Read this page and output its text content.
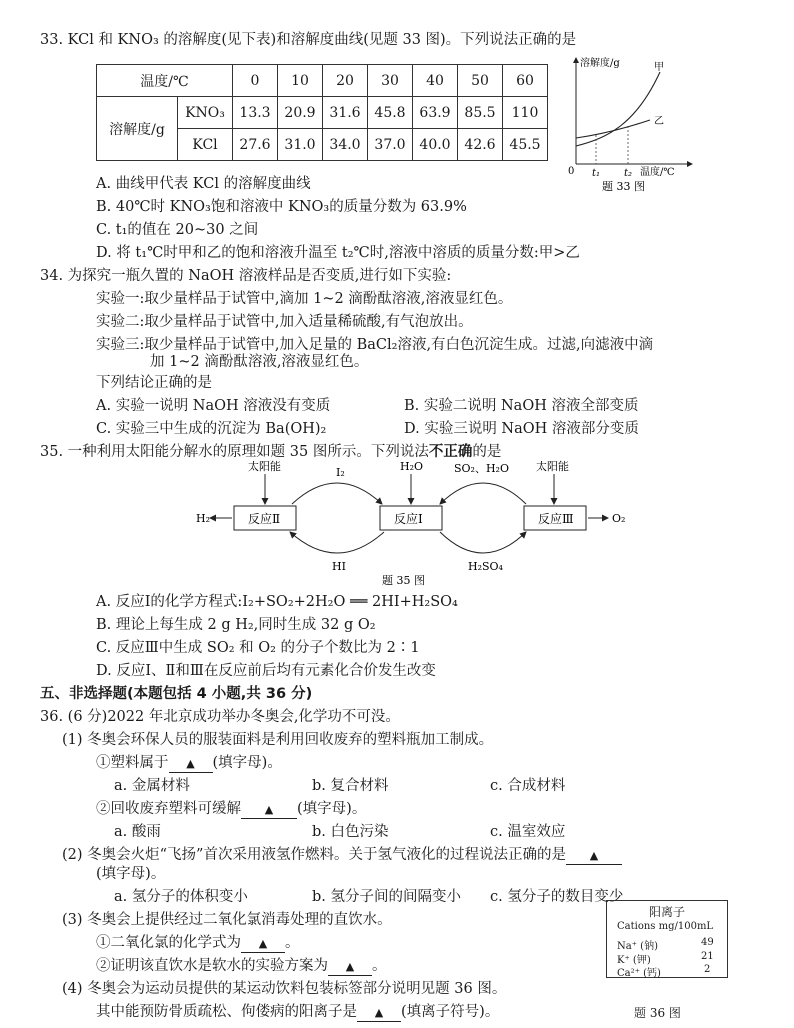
33. KCl 和 KNO₃ 的溶解度(见下表)和溶解度曲线(见题 33 图)。下列说法正确的是
温度/℃		0	10	20	30	40	50	60
溶解度/g	KNO₃	13.3	20.9	31.6	45.8	63.9	85.5	110
	KCl	27.6	31.0	34.0	37.0	40.0	42.6	45.5
溶解度/g	甲
乙
0 t₁ t₂ 温度/℃
题 33 图
A. 曲线甲代表 KCl 的溶解度曲线
B. 40℃时 KNO₃饱和溶液中 KNO₃的质量分数为 63.9%
C. t₁的值在 20~30 之间
D. 将 t₁℃时甲和乙的饱和溶液升温至 t₂℃时,溶液中溶质的质量分数:甲>乙
34. 为探究一瓶久置的 NaOH 溶液样品是否变质,进行如下实验:
实验一:取少量样品于试管中,滴加 1~2 滴酚酞溶液,溶液显红色。
实验二:取少量样品于试管中,加入适量稀硫酸,有气泡放出。
实验三:取少量样品于试管中,加入足量的 BaCl₂溶液,有白色沉淀生成。过滤,向滤液中滴
加 1~2 滴酚酞溶液,溶液显红色。
下列结论正确的是
A. 实验一说明 NaOH 溶液没有变质	B. 实验二说明 NaOH 溶液全部变质
C. 实验三中生成的沉淀为 Ba(OH)₂	D. 实验三说明 NaOH 溶液部分变质
35. 一种利用太阳能分解水的原理如题 35 图所示。下列说法不正确的是
反应Ⅱ	反应Ⅰ	反应Ⅲ
太阳能	太阳能
H₂O
H₂	O₂
I₂
HI
SO₂、H₂O
H₂SO₄
题 35 图
A. 反应Ⅰ的化学方程式:I₂+SO₂+2H₂O ══ 2HI+H₂SO₄
B. 理论上每生成 2 g H₂,同时生成 32 g O₂
C. 反应Ⅲ中生成 SO₂ 和 O₂ 的分子个数比为 2∶1
D. 反应Ⅰ、Ⅱ和Ⅲ在反应前后均有元素化合价发生改变
五、非选择题(本题包括 4 小题,共 36 分)
36. (6 分)2022 年北京成功举办冬奥会,化学功不可没。
(1) 冬奥会环保人员的服装面料是利用回收废弃的塑料瓶加工制成。
①塑料属于 ▲ (填字母)。
a. 金属材料	b. 复合材料	c. 合成材料
②回收废弃塑料可缓解 ▲ (填字母)。
a. 酸雨	b. 白色污染	c. 温室效应
(2) 冬奥会火炬“飞扬”首次采用液氢作燃料。关于氢气液化的过程说法正确的是 ▲
(填字母)。
a. 氢分子的体积变小	b. 氢分子间的间隔变小 c. 氢分子的数目变少
(3) 冬奥会上提供经过二氧化氯消毒处理的直饮水。
①二氧化氯的化学式为 ▲ 。
②证明该直饮水是软水的实验方案为 ▲ 。
(4) 冬奥会为运动员提供的某运动饮料包装标签部分说明见题 36 图。
其中能预防骨质疏松、佝偻病的阳离子是 ▲ (填离子符号)。
阳离子
Cations mg/100mL
Na⁺ (钠)	49
K⁺ (钾)	21
Ca²⁺ (钙)	2
题 36 图
